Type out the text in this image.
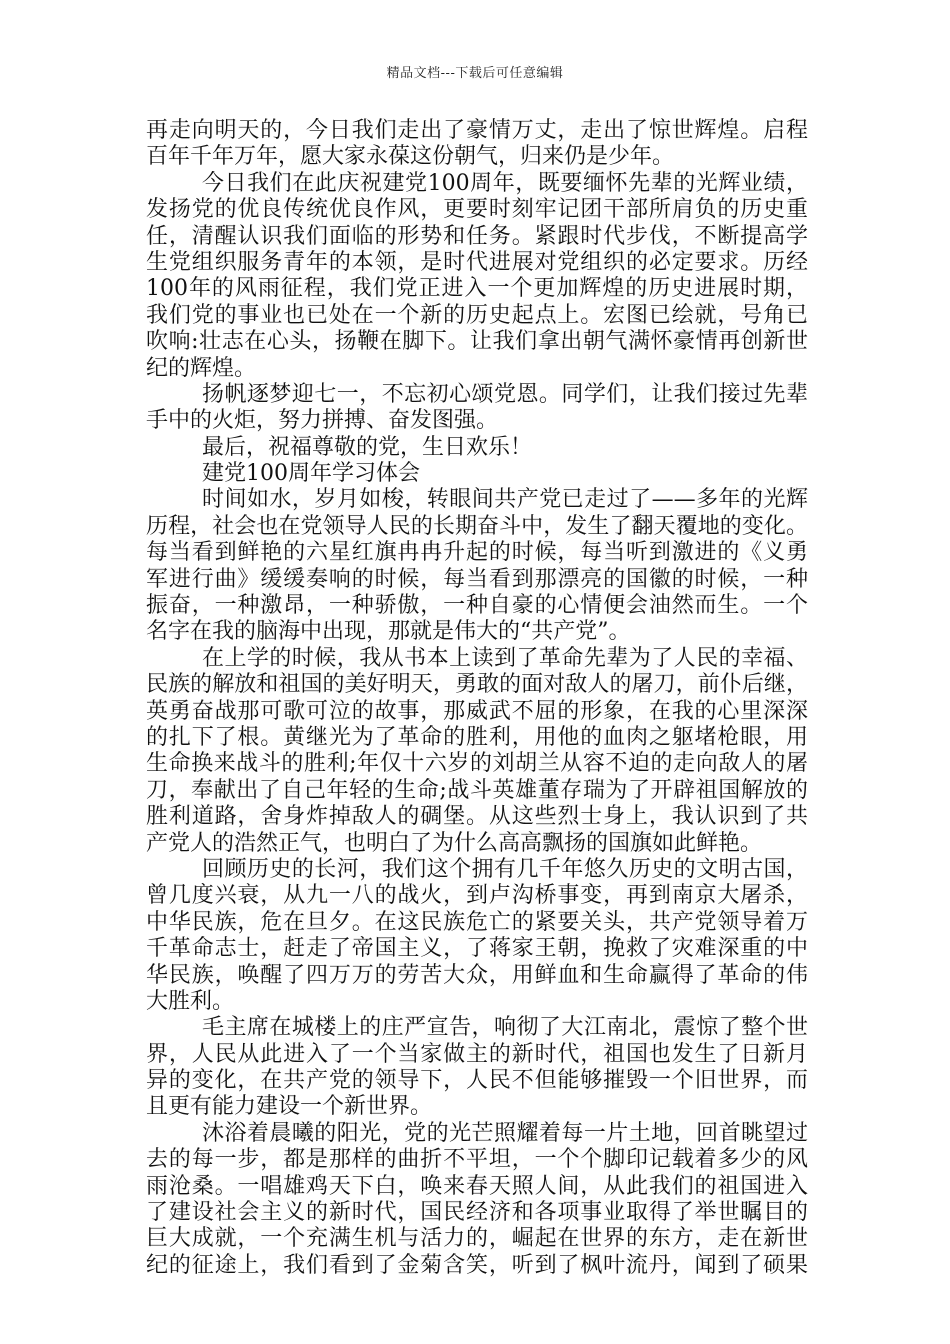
精品文档---下载后可任意编辑
再走向明天的，今日我们走出了豪情万丈，走出了惊世辉煌。启程
百年千年万年，愿大家永葆这份朝气，归来仍是少年。
今日我们在此庆祝建党100周年，既要缅怀先辈的光辉业绩，
发扬党的优良传统优良作风，更要时刻牢记团干部所肩负的历史重
任，清醒认识我们面临的形势和任务。紧跟时代步伐，不断提高学
生党组织服务青年的本领，是时代进展对党组织的必定要求。历经
100年的风雨征程，我们党正进入一个更加辉煌的历史进展时期，
我们党的事业也已处在一个新的历史起点上。宏图已绘就，号角已
吹响:壮志在心头，扬鞭在脚下。让我们拿出朝气满怀豪情再创新世
纪的辉煌。
扬帆逐梦迎七一，不忘初心颂党恩。同学们，让我们接过先辈
手中的火炬，努力拼搏、奋发图强。
最后，祝福尊敬的党，生日欢乐！
建党100周年学习体会
时间如水，岁月如梭，转眼间共产党已走过了——多年的光辉
历程，社会也在党领导人民的长期奋斗中，发生了翻天覆地的变化。
每当看到鲜艳的六星红旗冉冉升起的时候，每当听到激进的《义勇
军进行曲》缓缓奏响的时候，每当看到那漂亮的国徽的时候，一种
振奋，一种激昂，一种骄傲，一种自豪的心情便会油然而生。一个
名字在我的脑海中出现，那就是伟大的“共产党”。
在上学的时候，我从书本上读到了革命先辈为了人民的幸福、
民族的解放和祖国的美好明天，勇敢的面对敌人的屠刀，前仆后继，
英勇奋战那可歌可泣的故事，那威武不屈的形象，在我的心里深深
的扎下了根。黄继光为了革命的胜利，用他的血肉之躯堵枪眼，用
生命换来战斗的胜利;年仅十六岁的刘胡兰从容不迫的走向敌人的屠
刀，奉献出了自己年轻的生命;战斗英雄董存瑞为了开辟祖国解放的
胜利道路，舍身炸掉敌人的碉堡。从这些烈士身上，我认识到了共
产党人的浩然正气，也明白了为什么高高飘扬的国旗如此鲜艳。
回顾历史的长河，我们这个拥有几千年悠久历史的文明古国，
曾几度兴衰，从九一八的战火，到卢沟桥事变，再到南京大屠杀，
中华民族，危在旦夕。在这民族危亡的紧要关头，共产党领导着万
千革命志士，赶走了帝国主义，了蒋家王朝，挽救了灾难深重的中
华民族，唤醒了四万万的劳苦大众，用鲜血和生命赢得了革命的伟
大胜利。
毛主席在城楼上的庄严宣告，响彻了大江南北，震惊了整个世
界，人民从此进入了一个当家做主的新时代，祖国也发生了日新月
异的变化，在共产党的领导下，人民不但能够摧毁一个旧世界，而
且更有能力建设一个新世界。
沐浴着晨曦的阳光，党的光芒照耀着每一片土地，回首眺望过
去的每一步，都是那样的曲折不平坦，一个个脚印记载着多少的风
雨沧桑。一唱雄鸡天下白，唤来春天照人间，从此我们的祖国进入
了建设社会主义的新时代，国民经济和各项事业取得了举世瞩目的
巨大成就，一个充满生机与活力的，崛起在世界的东方，走在新世
纪的征途上，我们看到了金菊含笑，听到了枫叶流丹，闻到了硕果
